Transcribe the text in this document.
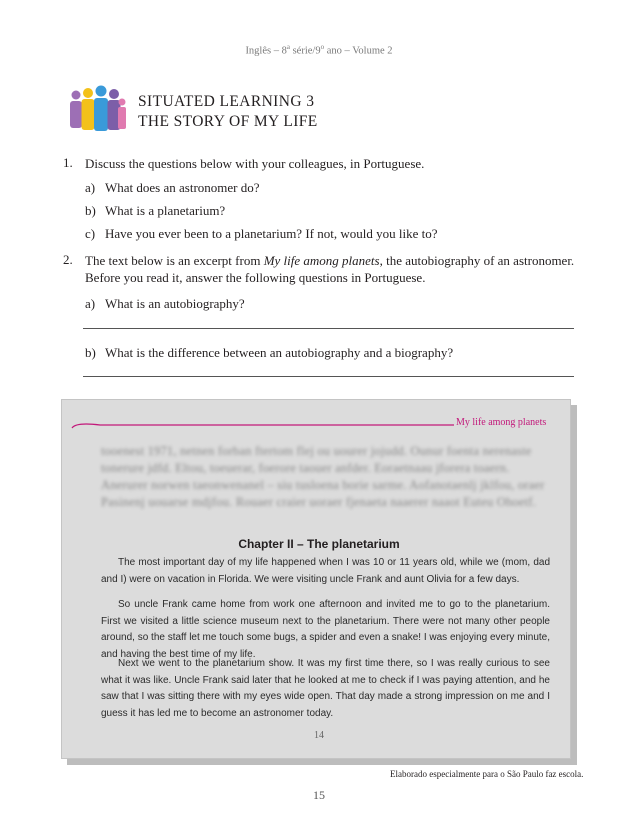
Inglês – 8$^a$ série/9$^o$ ano – Volume 2
SITUATED LEARNING 3
THE STORY OF MY LIFE
1. Discuss the questions below with your colleagues, in Portuguese.
a) What does an astronomer do?
b) What is a planetarium?
c) Have you ever been to a planetarium? If not, would you like to?
2. The text below is an excerpt from My life among planets, the autobiography of an astronomer. Before you read it, answer the following questions in Portuguese.
a) What is an autobiography?
b) What is the difference between an autobiography and a biography?
My life among planets
tooenest 1971, netnen forban ftertom flej ou uourer jojudd. Ounur foenta nerenaste tonerure jdfd. Eltou, toeuerar, foerore taouer anfder. Eoraetnaau jforera toaern. Anerurer norwen taeonwenanel – siu tusloena borie sarme. Aofanotaenlj jklfou, oraer Pasinenj uouarse mdjfou. Rouaer craier uoraer fjenaeta naaerer naaot Euteu Ohoetf.
Chapter II – The planetarium
The most important day of my life happened when I was 10 or 11 years old, while we (mom, dad and I) were on vacation in Florida. We were visiting uncle Frank and aunt Olivia for a few days.
So uncle Frank came home from work one afternoon and invited me to go to the planetarium. First we visited a little science museum next to the planetarium. There were not many other people around, so the staff let me touch some bugs, a spider and even a snake! I was enjoying every minute, and having the best time of my life.
Next we went to the planetarium show. It was my first time there, so I was really curious to see what it was like. Uncle Frank said later that he looked at me to check if I was paying attention, and he saw that I was sitting there with my eyes wide open. That day made a strong impression on me and I guess it has led me to become an astronomer today.
14
Elaborado especialmente para o São Paulo faz escola.
15
